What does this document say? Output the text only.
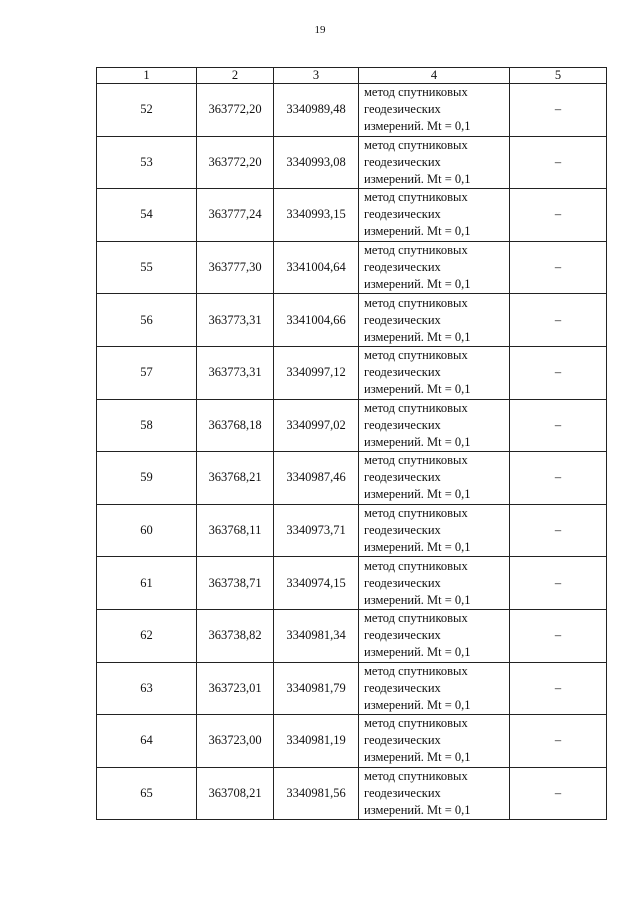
19
1	2	3	4	5
52	363772,20	3340989,48	метод спутниковых
геодезических
измерений. Mt = 0,1	–
53	363772,20	3340993,08	метод спутниковых
геодезических
измерений. Mt = 0,1	–
54	363777,24	3340993,15	метод спутниковых
геодезических
измерений. Mt = 0,1	–
55	363777,30	3341004,64	метод спутниковых
геодезических
измерений. Mt = 0,1	–
56	363773,31	3341004,66	метод спутниковых
геодезических
измерений. Mt = 0,1	–
57	363773,31	3340997,12	метод спутниковых
геодезических
измерений. Mt = 0,1	–
58	363768,18	3340997,02	метод спутниковых
геодезических
измерений. Mt = 0,1	–
59	363768,21	3340987,46	метод спутниковых
геодезических
измерений. Mt = 0,1	–
60	363768,11	3340973,71	метод спутниковых
геодезических
измерений. Mt = 0,1	–
61	363738,71	3340974,15	метод спутниковых
геодезических
измерений. Mt = 0,1	–
62	363738,82	3340981,34	метод спутниковых
геодезических
измерений. Mt = 0,1	–
63	363723,01	3340981,79	метод спутниковых
геодезических
измерений. Mt = 0,1	–
64	363723,00	3340981,19	метод спутниковых
геодезических
измерений. Mt = 0,1	–
65	363708,21	3340981,56	метод спутниковых
геодезических
измерений. Mt = 0,1	–
